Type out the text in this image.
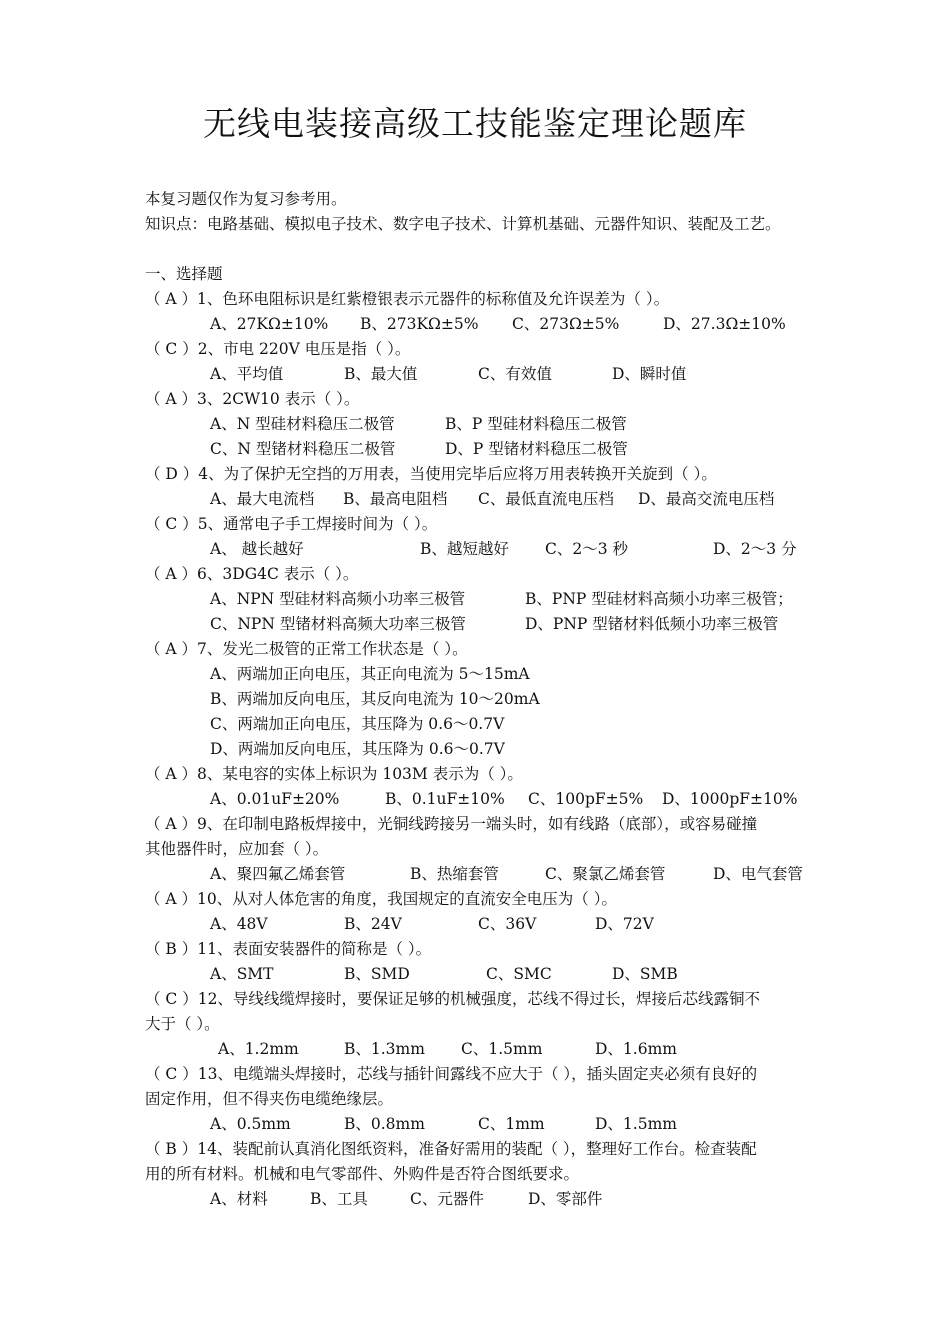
无线电装接高级工技能鉴定理论题库
本复习题仅作为复习参考用。
知识点：电路基础、模拟电子技术、数字电子技术、计算机基础、元器件知识、装配及工艺。
一、选择题
（ A ）1、色环电阻标识是红紫橙银表示元器件的标称值及允许误差为（ ）。
A、27KΩ±10% B、273KΩ±5% C、273Ω±5%	D、27.3Ω±10%
（ C ）2、市电 220V 电压是指（ ）。
A、平均值	B、最大值	C、有效值	D、瞬时值
（ A ）3、2CW10 表示（ ）。
A、N 型硅材料稳压二极管	B、P 型硅材料稳压二极管
C、N 型锗材料稳压二极管	D、P 型锗材料稳压二极管
（ D ）4、为了保护无空挡的万用表，当使用完毕后应将万用表转换开关旋到（ ）。
A、最大电流档 B、最高电阻档 C、最低直流电压档 D、最高交流电压档
（ C ）5、通常电子手工焊接时间为（ ）。
A、 越长越好	B、越短越好 C、2～3 秒	D、2～3 分
（ A ）6、3DG4C 表示（ ）。
A、NPN 型硅材料高频小功率三极管	B、PNP 型硅材料高频小功率三极管；
C、NPN 型锗材料高频大功率三极管	D、PNP 型锗材料低频小功率三极管
（ A ）7、发光二极管的正常工作状态是（ ）。
A、两端加正向电压，其正向电流为 5～15mA
B、两端加反向电压，其反向电流为 10～20mA
C、两端加正向电压，其压降为 0.6～0.7V
D、两端加反向电压，其压降为 0.6～0.7V
（ A ）8、某电容的实体上标识为 103M 表示为（ ）。
A、0.01uF±20%	B、0.1uF±10% C、100pF±5% D、1000pF±10%
（ A ）9、在印制电路板焊接中，光铜线跨接另一端头时，如有线路（底部），或容易碰撞
其他器件时，应加套（ ）。
A、聚四氟乙烯套管	B、热缩套管	C、聚氯乙烯套管	D、电气套管
（ A ）10、从对人体危害的角度，我国规定的直流安全电压为（ ）。
A、48V	B、24V	C、36V	D、72V
（ B ）11、表面安装器件的简称是（ ）。
A、SMT	B、SMD	C、SMC	D、SMB
（ C ）12、导线线缆焊接时，要保证足够的机械强度，芯线不得过长，焊接后芯线露铜不
大于（ ）。
A、1.2mm	B、1.3mm C、1.5mm	D、1.6mm
（ C ）13、电缆端头焊接时，芯线与插针间露线不应大于（ ），插头固定夹必须有良好的
固定作用，但不得夹伤电缆绝缘层。
A、0.5mm	B、0.8mm	C、1mm	D、1.5mm
（ B ）14、装配前认真消化图纸资料，准备好需用的装配（ ），整理好工作台。检查装配
用的所有材料。机械和电气零部件、外购件是否符合图纸要求。
A、材料	B、工具	C、元器件	D、零部件
